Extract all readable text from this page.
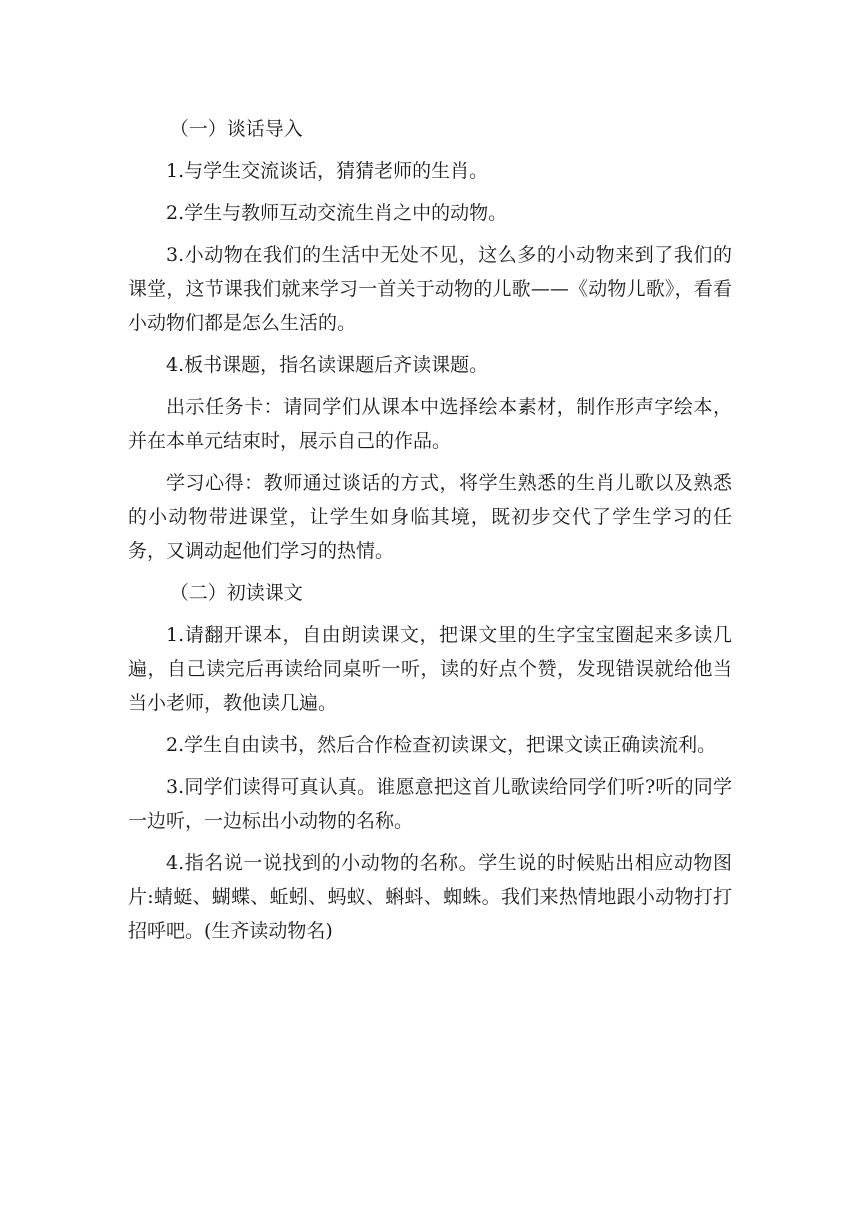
（一）谈话导入

1.与学生交流谈话，猜猜老师的生肖。

2.学生与教师互动交流生肖之中的动物。

3.小动物在我们的生活中无处不见，这么多的小动物来到了我们的课堂，这节课我们就来学习一首关于动物的儿歌——《动物儿歌》，看看小动物们都是怎么生活的。

4.板书课题，指名读课题后齐读课题。

出示任务卡：请同学们从课本中选择绘本素材，制作形声字绘本，并在本单元结束时，展示自己的作品。

学习心得：教师通过谈话的方式，将学生熟悉的生肖儿歌以及熟悉的小动物带进课堂，让学生如身临其境，既初步交代了学生学习的任务，又调动起他们学习的热情。

（二）初读课文

1.请翻开课本，自由朗读课文，把课文里的生字宝宝圈起来多读几遍，自己读完后再读给同桌听一听，读的好点个赞，发现错误就给他当当小老师，教他读几遍。

2.学生自由读书，然后合作检查初读课文，把课文读正确读流利。

3.同学们读得可真认真。谁愿意把这首儿歌读给同学们听?听的同学一边听，一边标出小动物的名称。

4.指名说一说找到的小动物的名称。学生说的时候贴出相应动物图片:蜻蜓、蝴蝶、蚯蚓、蚂蚁、蝌蚪、蜘蛛。我们来热情地跟小动物打打招呼吧。(生齐读动物名)
